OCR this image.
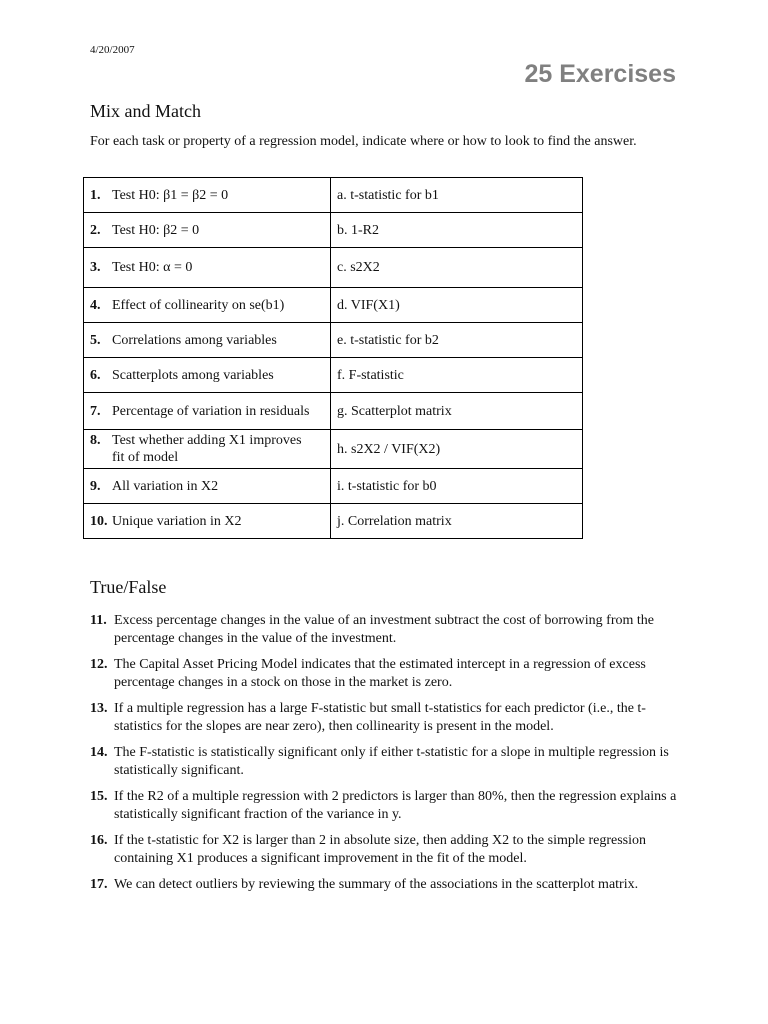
4/20/2007
25 Exercises
Mix and Match
For each task or property of a regression model, indicate where or how to look to find the answer.
1. Test H0: β1 = β2 = 0	a. t-statistic for b1
2. Test H0: β2 = 0	b. 1-R2
3. Test H0: α = 0	c. s2X2
4. Effect of collinearity on se(b1)	d. VIF(X1)
5. Correlations among variables	e. t-statistic for b2
6. Scatterplots among variables	f. F-statistic
7. Percentage of variation in residuals	g. Scatterplot matrix
8. Test whether adding X1 improves fit of model	h. s2X2 / VIF(X2)
9. All variation in X2	i. t-statistic for b0
10. Unique variation in X2	j. Correlation matrix
True/False
11. Excess percentage changes in the value of an investment subtract the cost of borrowing from the percentage changes in the value of the investment.
12. The Capital Asset Pricing Model indicates that the estimated intercept in a regression of excess percentage changes in a stock on those in the market is zero.
13. If a multiple regression has a large F-statistic but small t-statistics for each predictor (i.e., the t-statistics for the slopes are near zero), then collinearity is present in the model.
14. The F-statistic is statistically significant only if either t-statistic for a slope in multiple regression is statistically significant.
15. If the R2 of a multiple regression with 2 predictors is larger than 80%, then the regression explains a statistically significant fraction of the variance in y.
16. If the t-statistic for X2 is larger than 2 in absolute size, then adding X2 to the simple regression containing X1 produces a significant improvement in the fit of the model.
17. We can detect outliers by reviewing the summary of the associations in the scatterplot matrix.
